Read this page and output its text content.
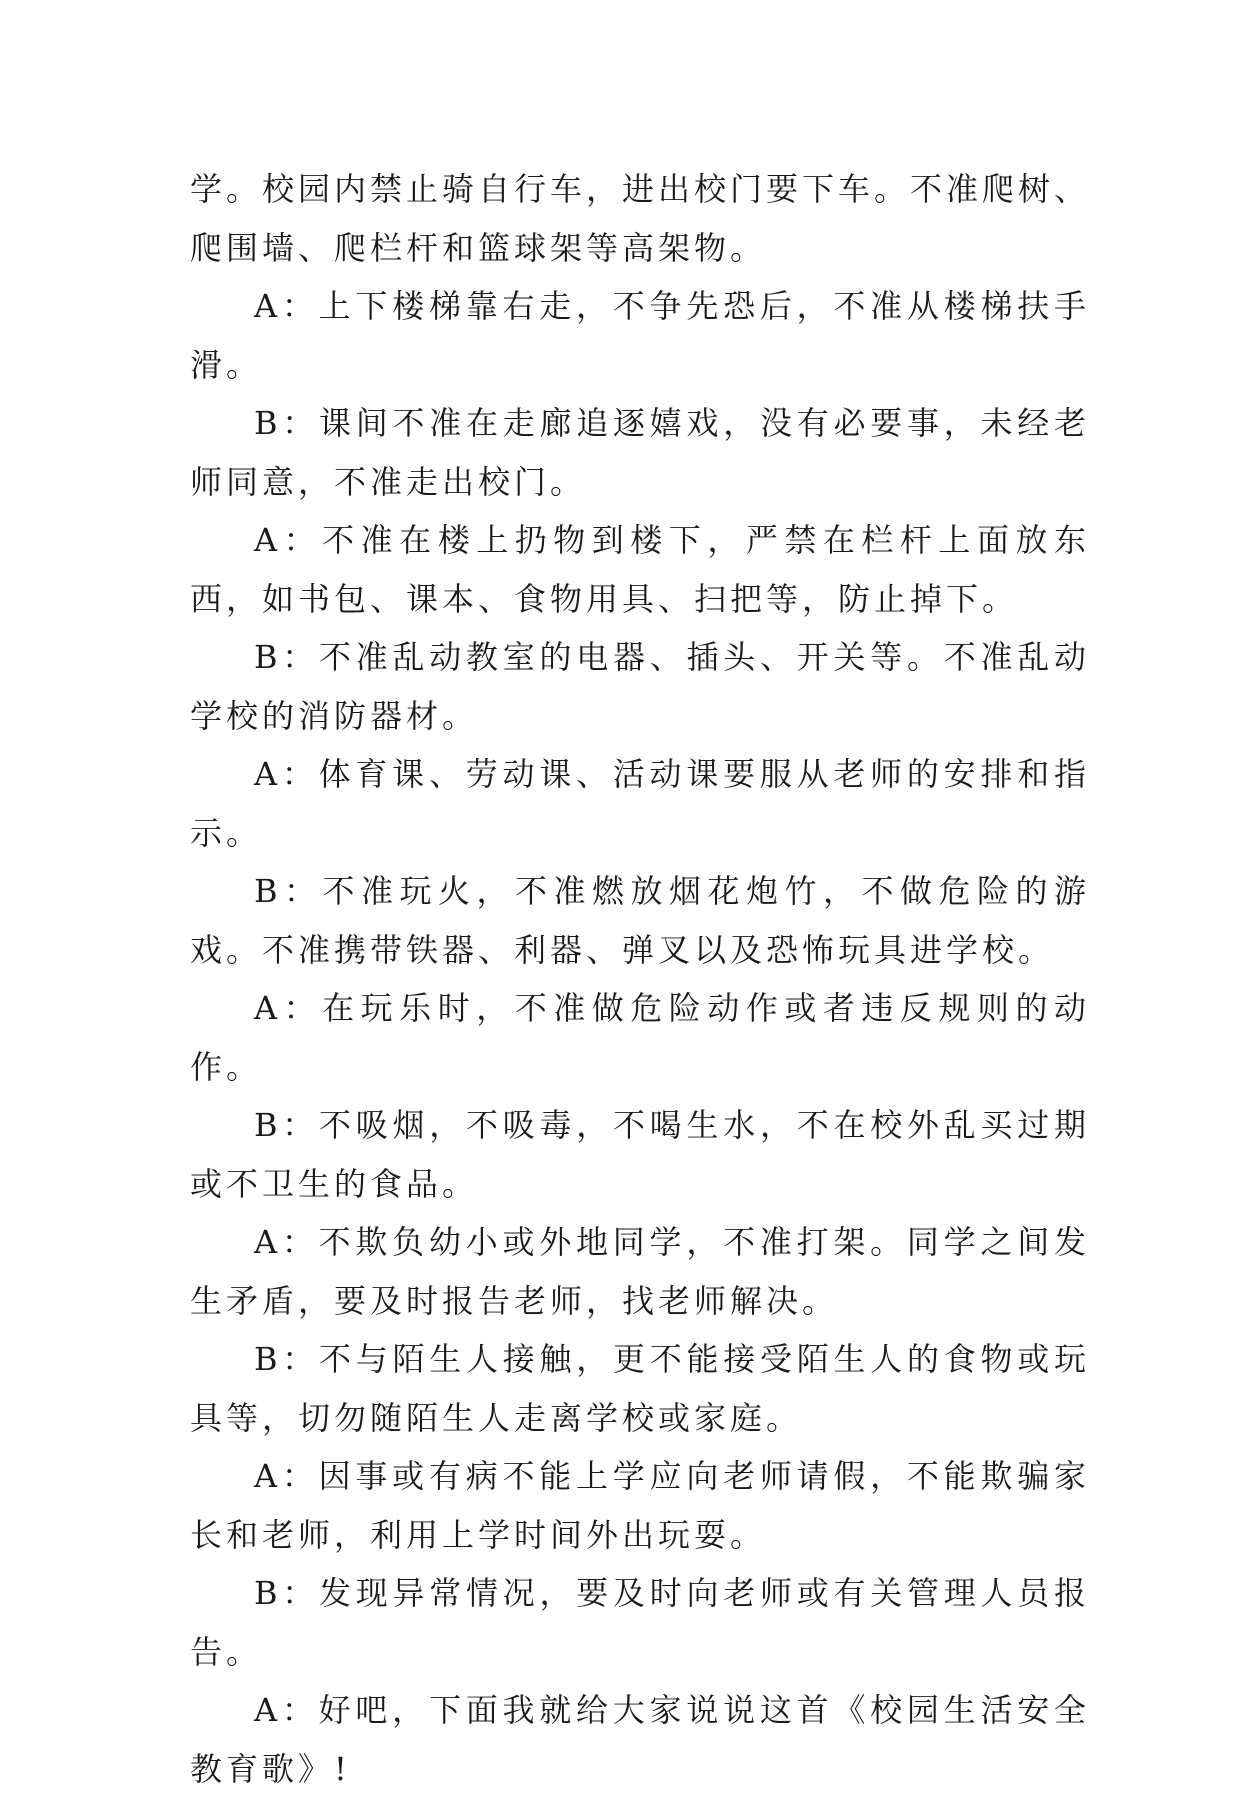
学。校园内禁止骑自行车，进出校门要下车。不准爬树、爬围墙、爬栏杆和篮球架等高架物。

A：上下楼梯靠右走，不争先恐后，不准从楼梯扶手滑。

B：课间不准在走廊追逐嬉戏，没有必要事，未经老师同意，不准走出校门。

A：不准在楼上扔物到楼下，严禁在栏杆上面放东西，如书包、课本、食物用具、扫把等，防止掉下。

B：不准乱动教室的电器、插头、开关等。不准乱动学校的消防器材。

A：体育课、劳动课、活动课要服从老师的安排和指示。

B：不准玩火，不准燃放烟花炮竹，不做危险的游戏。不准携带铁器、利器、弹叉以及恐怖玩具进学校。

A：在玩乐时，不准做危险动作或者违反规则的动作。

B：不吸烟，不吸毒，不喝生水，不在校外乱买过期或不卫生的食品。

A：不欺负幼小或外地同学，不准打架。同学之间发生矛盾，要及时报告老师，找老师解决。

B：不与陌生人接触，更不能接受陌生人的食物或玩具等，切勿随陌生人走离学校或家庭。

A：因事或有病不能上学应向老师请假，不能欺骗家长和老师，利用上学时间外出玩耍。

B：发现异常情况，要及时向老师或有关管理人员报告。

A：好吧，下面我就给大家说说这首《校园生活安全教育歌》!
